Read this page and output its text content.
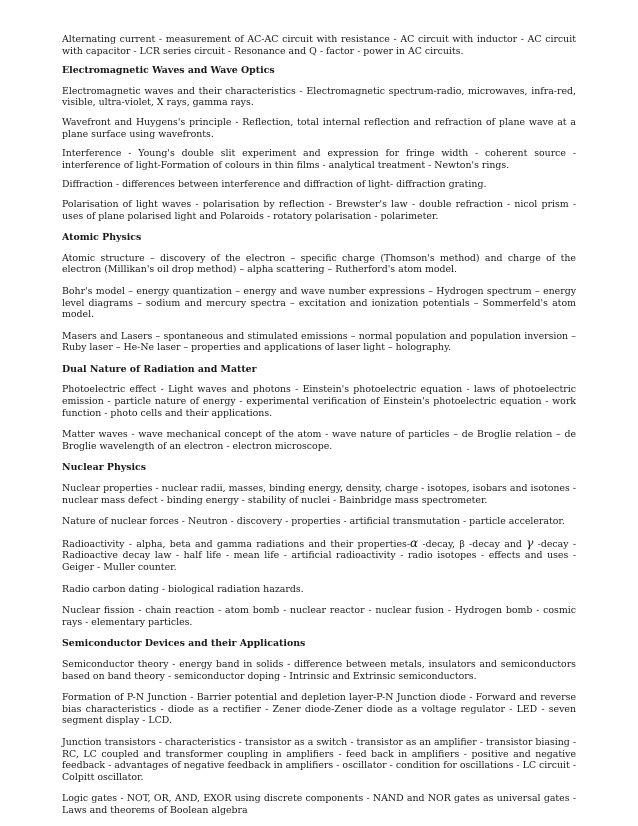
Alternating current - measurement of AC-AC circuit with resistance - AC circuit with inductor - AC circuit with capacitor - LCR series circuit - Resonance and Q - factor - power in AC circuits.

Electromagnetic Waves and Wave Optics

Electromagnetic waves and their characteristics - Electromagnetic spectrum-radio, microwaves, infra-red, visible, ultra-violet, X rays, gamma rays.

Wavefront and Huygens's principle - Reflection, total internal reflection and refraction of plane wave at a plane surface using wavefronts.

Interference - Young's double slit experiment and expression for fringe width - coherent source - interference of light-Formation of colours in thin films - analytical treatment - Newton's rings.

Diffraction - differences between interference and diffraction of light- diffraction grating.

Polarisation of light waves - polarisation by reflection - Brewster's law - double refraction - nicol prism - uses of plane polarised light and Polaroids - rotatory polarisation - polarimeter.

Atomic Physics

Atomic structure – discovery of the electron – specific charge (Thomson's method) and charge of the electron (Millikan's oil drop method) – alpha scattering – Rutherford's atom model.

Bohr's model – energy quantization – energy and wave number expressions – Hydrogen spectrum – energy level diagrams – sodium and mercury spectra – excitation and ionization potentials – Sommerfeld's atom model.

Masers and Lasers – spontaneous and stimulated emissions – normal population and population inversion – Ruby laser – He-Ne laser – properties and applications of laser light – holography.

Dual Nature of Radiation and Matter

Photoelectric effect - Light waves and photons - Einstein's photoelectric equation - laws of photoelectric emission - particle nature of energy - experimental verification of Einstein's photoelectric equation - work function - photo cells and their applications.

Matter waves - wave mechanical concept of the atom - wave nature of particles – de Broglie relation – de Broglie wavelength of an electron - electron microscope.

Nuclear Physics

Nuclear properties - nuclear radii, masses, binding energy, density, charge - isotopes, isobars and isotones - nuclear mass defect - binding energy - stability of nuclei - Bainbridge mass spectrometer.

Nature of nuclear forces - Neutron - discovery - properties - artificial transmutation - particle accelerator.

Radioactivity - alpha, beta and gamma radiations and their properties-α -decay, β -decay and γ -decay - Radioactive decay law - half life - mean life - artificial radioactivity - radio isotopes - effects and uses - Geiger - Muller counter.

Radio carbon dating - biological radiation hazards.

Nuclear fission - chain reaction - atom bomb - nuclear reactor - nuclear fusion - Hydrogen bomb - cosmic rays - elementary particles.

Semiconductor Devices and their Applications

Semiconductor theory - energy band in solids - difference between metals, insulators and semiconductors based on band theory - semiconductor doping - Intrinsic and Extrinsic semiconductors.

Formation of P-N Junction - Barrier potential and depletion layer-P-N Junction diode - Forward and reverse bias characteristics - diode as a rectifier - Zener diode-Zener diode as a voltage regulator - LED - seven segment display - LCD.

Junction transistors - characteristics - transistor as a switch - transistor as an amplifier - transistor biasing - RC, LC coupled and transformer coupling in amplifiers - feed back in amplifiers - positive and negative feedback - advantages of negative feedback in amplifiers - oscillator - condition for oscillations - LC circuit - Colpitt oscillator.

Logic gates - NOT, OR, AND, EXOR using discrete components - NAND and NOR gates as universal gates -Laws and theorems of Boolean algebra
